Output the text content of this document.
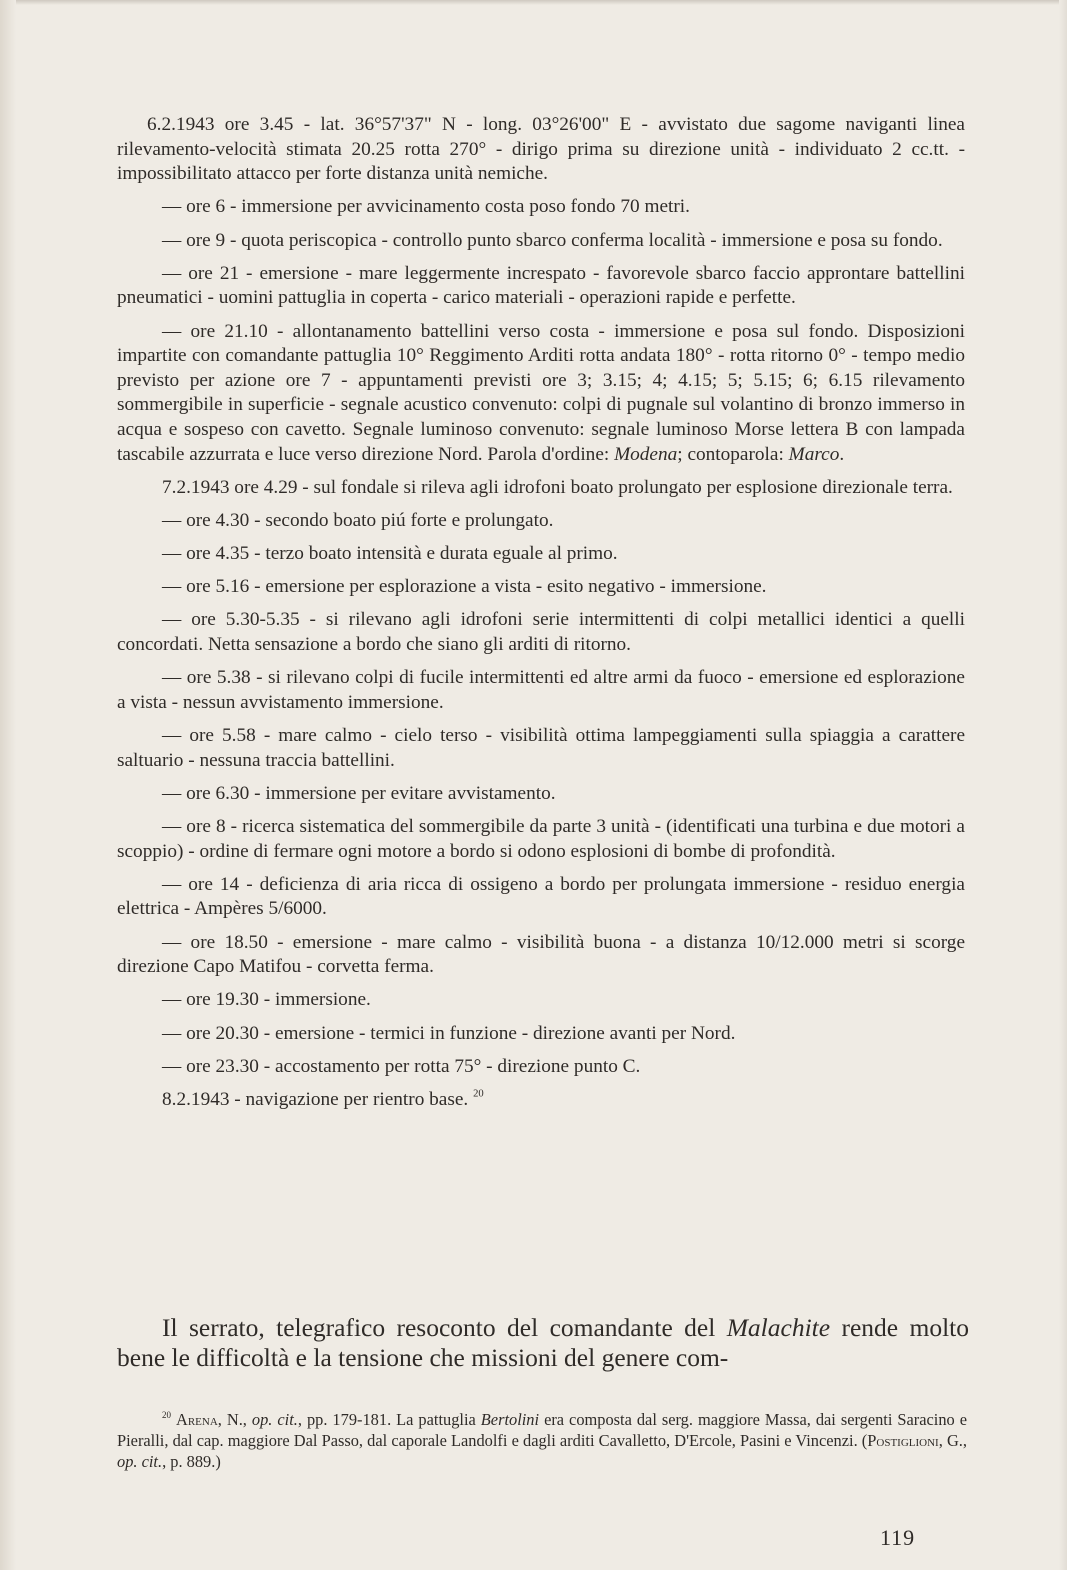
6.2.1943 ore 3.45 - lat. 36°57'37" N - long. 03°26'00" E - avvistato due sagome naviganti linea rilevamento-velocità stimata 20.25 rotta 270° - dirigo prima su direzione unità - individuato 2 cc.tt. - impossibilitato attacco per forte distanza unità nemiche.

— ore 6 - immersione per avvicinamento costa poso fondo 70 metri.

— ore 9 - quota periscopica - controllo punto sbarco conferma località - immersione e posa su fondo.

— ore 21 - emersione - mare leggermente increspato - favorevole sbarco faccio approntare battellini pneumatici - uomini pattuglia in coperta - carico materiali - operazioni rapide e perfette.

— ore 21.10 - allontanamento battellini verso costa - immersione e posa sul fondo. Disposizioni impartite con comandante pattuglia 10° Reggimento Arditi rotta andata 180° - rotta ritorno 0° - tempo medio previsto per azione ore 7 - appuntamenti previsti ore 3; 3.15; 4; 4.15; 5; 5.15; 6; 6.15 rilevamento sommergibile in superficie - segnale acustico convenuto: colpi di pugnale sul volantino di bronzo immerso in acqua e sospeso con cavetto. Segnale luminoso convenuto: segnale luminoso Morse lettera B con lampada tascabile azzurrata e luce verso direzione Nord. Parola d'ordine: Modena; contoparola: Marco.

7.2.1943 ore 4.29 - sul fondale si rileva agli idrofoni boato prolungato per esplosione direzionale terra.

— ore 4.30 - secondo boato piú forte e prolungato.

— ore 4.35 - terzo boato intensità e durata eguale al primo.

— ore 5.16 - emersione per esplorazione a vista - esito negativo - immersione.

— ore 5.30-5.35 - si rilevano agli idrofoni serie intermittenti di colpi metallici identici a quelli concordati. Netta sensazione a bordo che siano gli arditi di ritorno.

— ore 5.38 - si rilevano colpi di fucile intermittenti ed altre armi da fuoco - emersione ed esplorazione a vista - nessun avvistamento immersione.

— ore 5.58 - mare calmo - cielo terso - visibilità ottima lampeggiamenti sulla spiaggia a carattere saltuario - nessuna traccia battellini.

— ore 6.30 - immersione per evitare avvistamento.

— ore 8 - ricerca sistematica del sommergibile da parte 3 unità - (identificati una turbina e due motori a scoppio) - ordine di fermare ogni motore a bordo si odono esplosioni di bombe di profondità.

— ore 14 - deficienza di aria ricca di ossigeno a bordo per prolungata immersione - residuo energia elettrica - Ampères 5/6000.

— ore 18.50 - emersione - mare calmo - visibilità buona - a distanza 10/12.000 metri si scorge direzione Capo Matifou - corvetta ferma.

— ore 19.30 - immersione.

— ore 20.30 - emersione - termici in funzione - direzione avanti per Nord.

— ore 23.30 - accostamento per rotta 75° - direzione punto C.

8.2.1943 - navigazione per rientro base. $^{20}$

Il serrato, telegrafico resoconto del comandante del Malachite rende molto bene le difficoltà e la tensione che missioni del genere com-

$^{20}$ Arena, N., op. cit., pp. 179-181. La pattuglia Bertolini era composta dal serg. maggiore Massa, dai sergenti Saracino e Pieralli, dal cap. maggiore Dal Passo, dal caporale Landolfi e dagli arditi Cavalletto, D'Ercole, Pasini e Vincenzi. (Postiglioni, G., op. cit., p. 889.)

119
